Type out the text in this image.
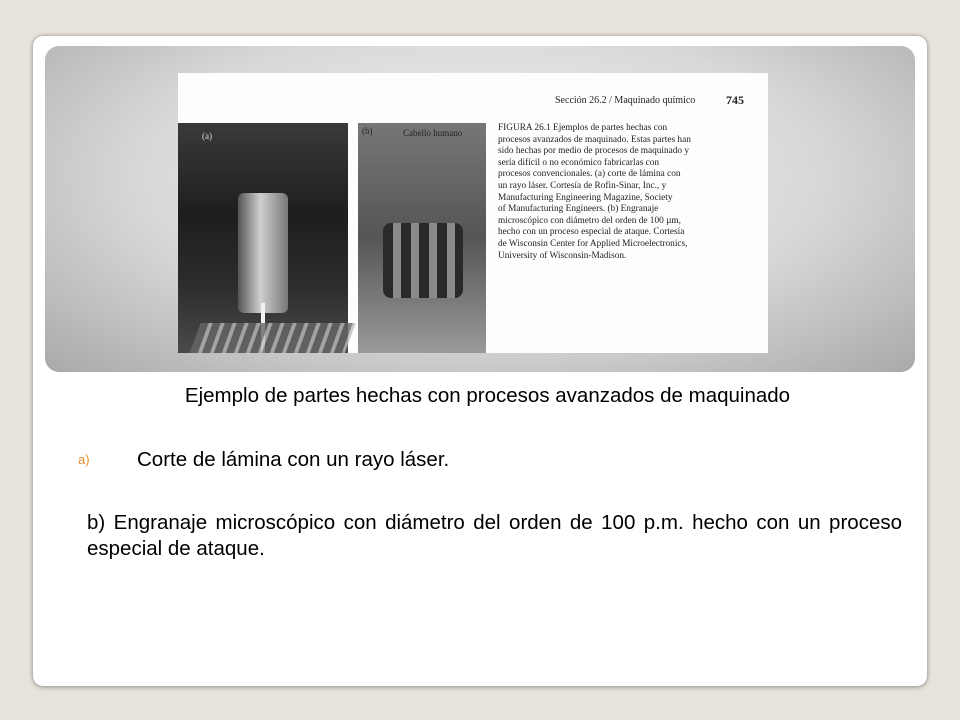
Sección 26.2 / Maquinado químico	745
(a)	(b)	Cabello humano	FIGURA 26.1 Ejemplos de partes hechas con
procesos avanzados de maquinado. Estas partes han
sido hechas por medio de procesos de maquinado y
sería difícil o no económico fabricarlas con
procesos convencionales. (a) corte de lámina con
un rayo láser. Cortesía de Rofin-Sinar, Inc., y
Manufacturing Engineering Magazine, Society
of Manufacturing Engineers. (b) Engranaje
microscópico con diámetro del orden de 100 µm,
hecho con un proceso especial de ataque. Cortesía
de Wisconsin Center for Applied Microelectronics,
University of Wisconsin-Madison.
Ejemplo de partes hechas con procesos avanzados de maquinado
a) Corte de lámina con un rayo láser.
b) Engranaje microscópico con diámetro del orden de 100 p.m. hecho con un proceso especial de ataque.
